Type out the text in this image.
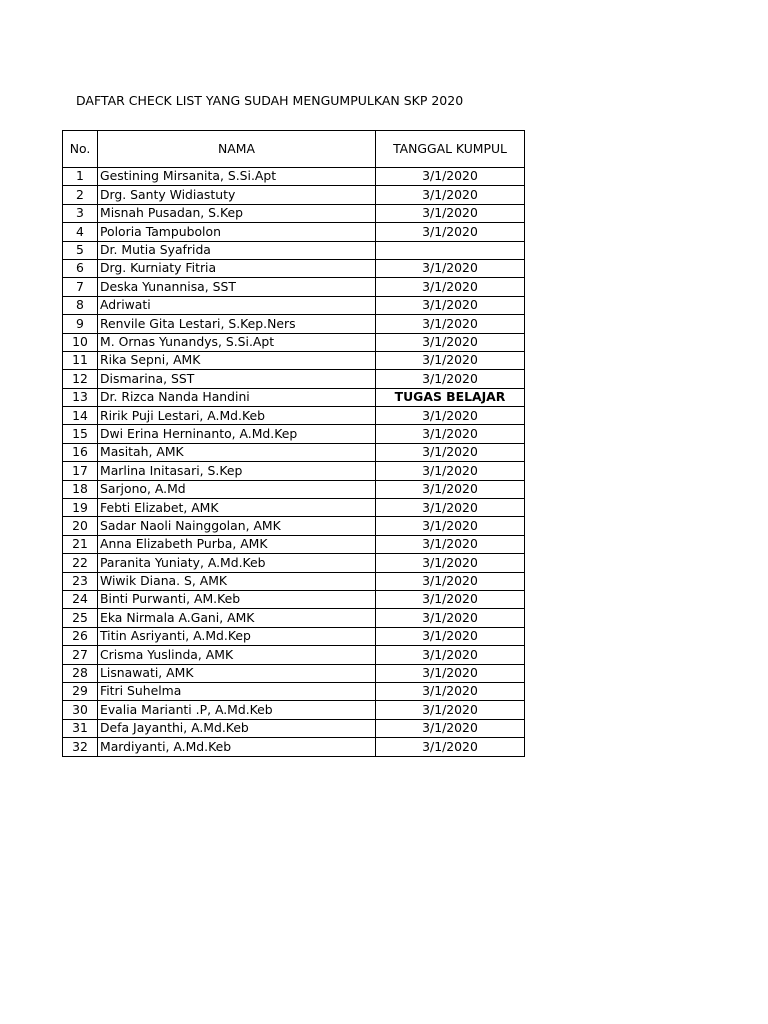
DAFTAR CHECK LIST YANG SUDAH MENGUMPULKAN SKP 2020
No.	NAMA	TANGGAL KUMPUL
1	Gestining Mirsanita, S.Si.Apt	3/1/2020
2	Drg. Santy Widiastuty	3/1/2020
3	Misnah Pusadan, S.Kep	3/1/2020
4	Poloria Tampubolon	3/1/2020
5	Dr. Mutia Syafrida	
6	Drg. Kurniaty Fitria	3/1/2020
7	Deska Yunannisa, SST	3/1/2020
8	Adriwati	3/1/2020
9	Renvile Gita Lestari, S.Kep.Ners	3/1/2020
10	M. Ornas Yunandys, S.Si.Apt	3/1/2020
11	Rika Sepni, AMK	3/1/2020
12	Dismarina, SST	3/1/2020
13	Dr. Rizca Nanda Handini	TUGAS BELAJAR
14	Ririk Puji Lestari, A.Md.Keb	3/1/2020
15	Dwi Erina Herninanto, A.Md.Kep	3/1/2020
16	Masitah, AMK	3/1/2020
17	Marlina Initasari, S.Kep	3/1/2020
18	Sarjono, A.Md	3/1/2020
19	Febti Elizabet, AMK	3/1/2020
20	Sadar Naoli Nainggolan, AMK	3/1/2020
21	Anna Elizabeth Purba, AMK	3/1/2020
22	Paranita Yuniaty, A.Md.Keb	3/1/2020
23	Wiwik Diana. S, AMK	3/1/2020
24	Binti Purwanti, AM.Keb	3/1/2020
25	Eka Nirmala A.Gani, AMK	3/1/2020
26	Titin Asriyanti, A.Md.Kep	3/1/2020
27	Crisma Yuslinda, AMK	3/1/2020
28	Lisnawati, AMK	3/1/2020
29	Fitri Suhelma	3/1/2020
30	Evalia Marianti .P, A.Md.Keb	3/1/2020
31	Defa Jayanthi, A.Md.Keb	3/1/2020
32	Mardiyanti, A.Md.Keb	3/1/2020
